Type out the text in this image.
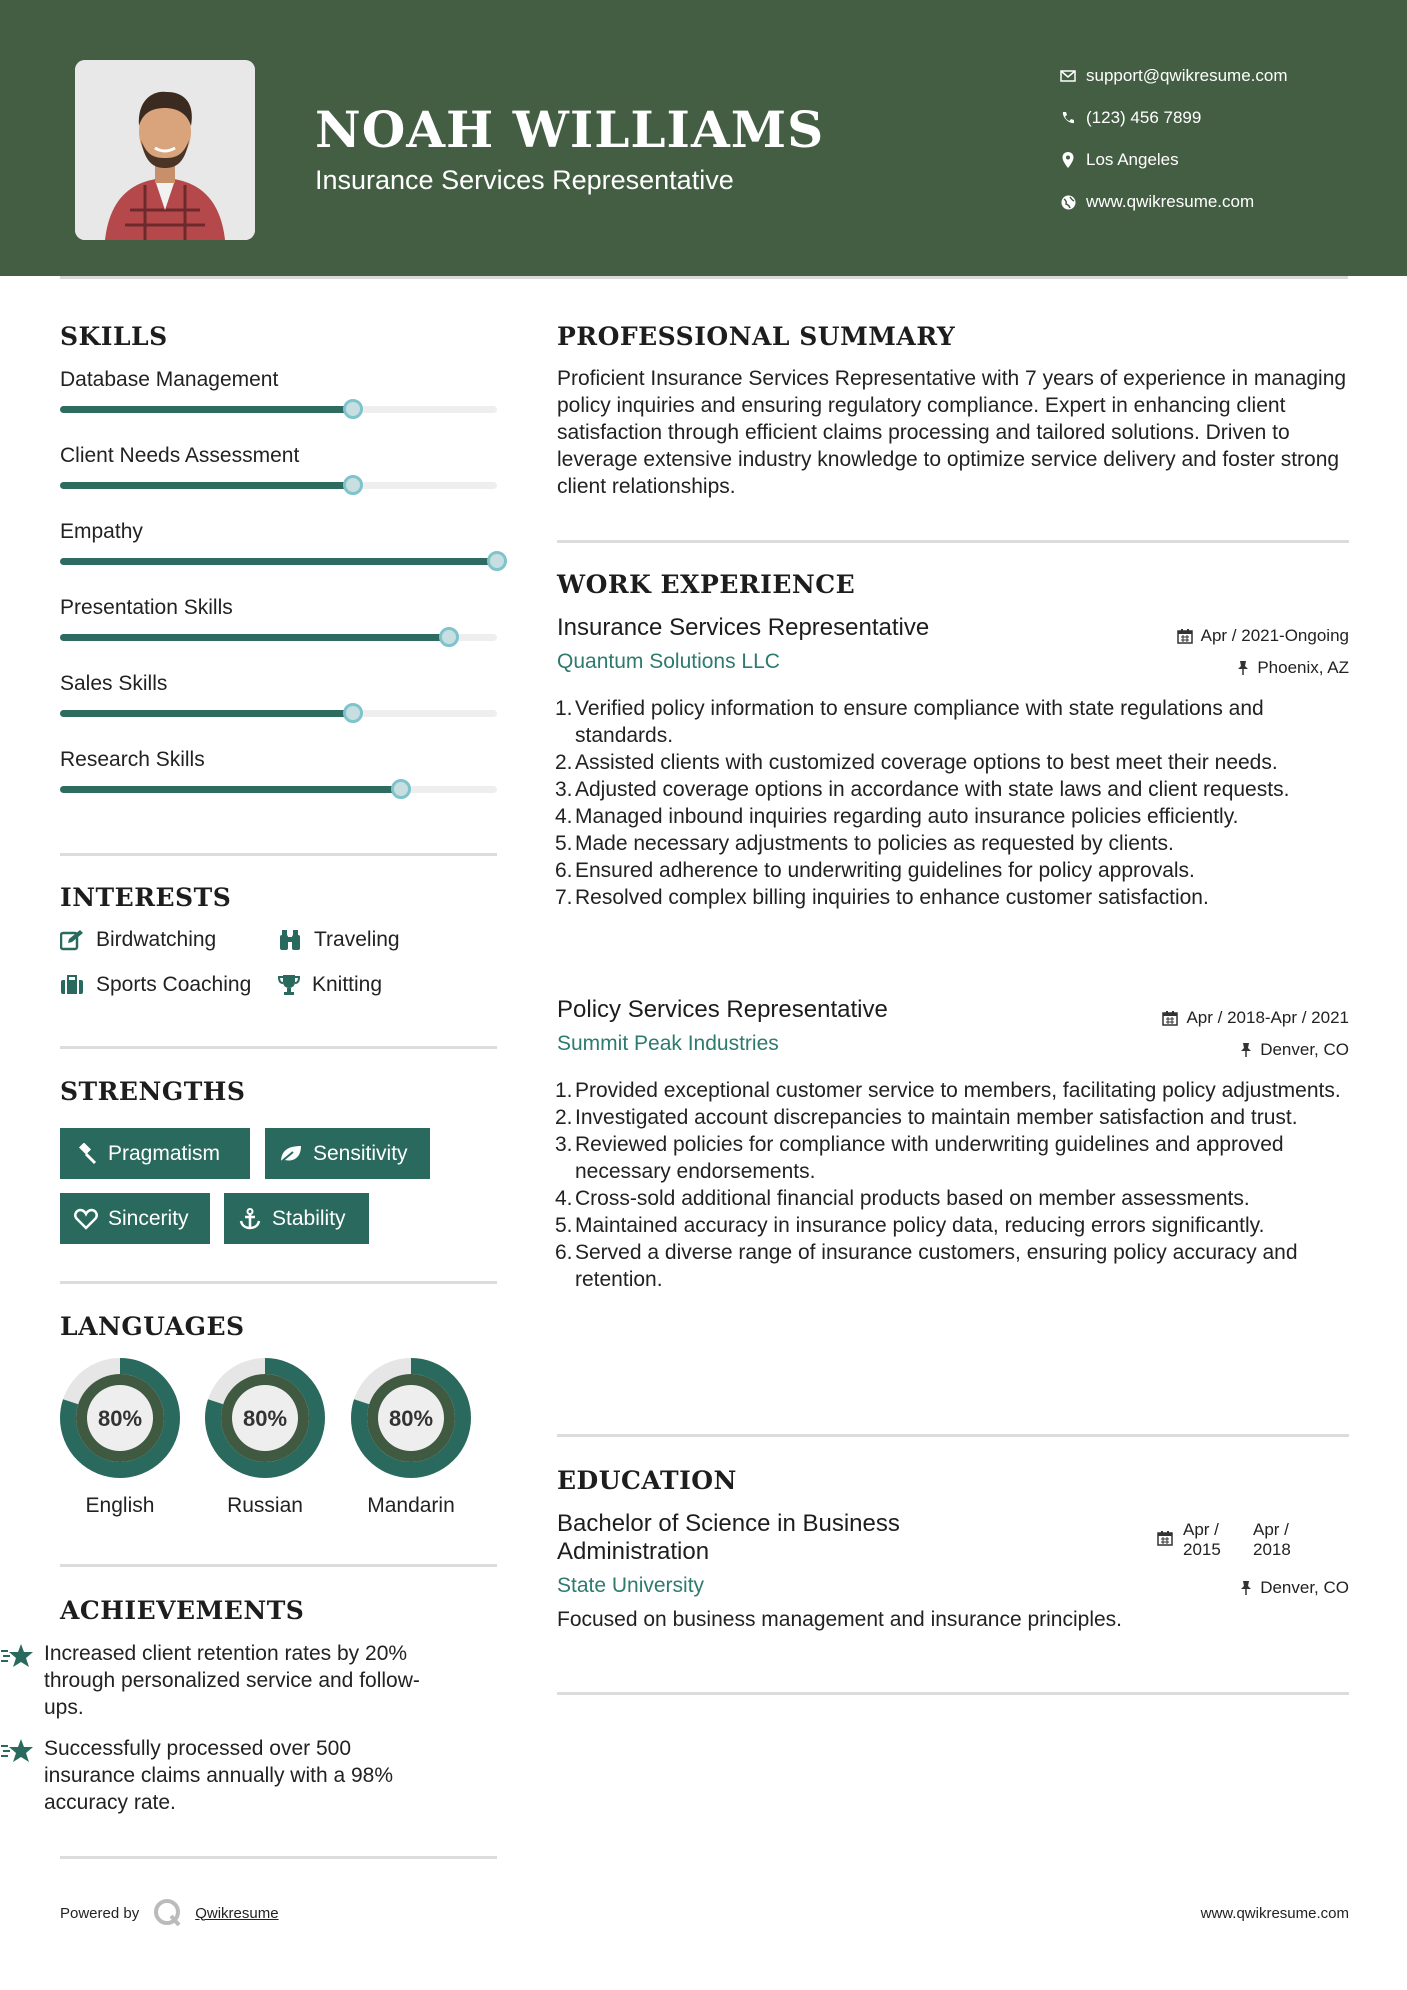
NOAH WILLIAMS
Insurance Services Representative
support@qwikresume.com
(123) 456 7899
Los Angeles
www.qwikresume.com
SKILLS
Database Management
Client Needs Assessment
Empathy
Presentation Skills
Sales Skills
Research Skills
INTERESTS
Birdwatching	Traveling
Sports Coaching	Knitting
STRENGTHS
Pragmatism	Sensitivity
Sincerity	Stability
LANGUAGES
80%
English
80%
Russian
80%
Mandarin
ACHIEVEMENTS
Increased client retention rates by 20% through personalized service and follow-ups.
Successfully processed over 500 insurance claims annually with a 98% accuracy rate.
PROFESSIONAL SUMMARY
Proficient Insurance Services Representative with 7 years of experience in managing policy inquiries and ensuring regulatory compliance. Expert in enhancing client satisfaction through efficient claims processing and tailored solutions. Driven to leverage extensive industry knowledge to optimize service delivery and foster strong client relationships.
WORK EXPERIENCE
Insurance Services Representative
Quantum Solutions LLC
Apr / 2021-Ongoing
Phoenix, AZ
1. Verified policy information to ensure compliance with state regulations and standards.
2. Assisted clients with customized coverage options to best meet their needs.
3. Adjusted coverage options in accordance with state laws and client requests.
4. Managed inbound inquiries regarding auto insurance policies efficiently.
5. Made necessary adjustments to policies as requested by clients.
6. Ensured adherence to underwriting guidelines for policy approvals.
7. Resolved complex billing inquiries to enhance customer satisfaction.
Policy Services Representative
Summit Peak Industries
Apr / 2018-Apr / 2021
Denver, CO
1. Provided exceptional customer service to members, facilitating policy adjustments.
2. Investigated account discrepancies to maintain member satisfaction and trust.
3. Reviewed policies for compliance with underwriting guidelines and approved necessary endorsements.
4. Cross-sold additional financial products based on member assessments.
5. Maintained accuracy in insurance policy data, reducing errors significantly.
6. Served a diverse range of insurance customers, ensuring policy accuracy and retention.
EDUCATION
Bachelor of Science in Business
Administration
State University
Focused on business management and insurance principles.
Apr /
2015
Apr /
2018
Denver, CO
Powered by	Qwikresume	www.qwikresume.com
